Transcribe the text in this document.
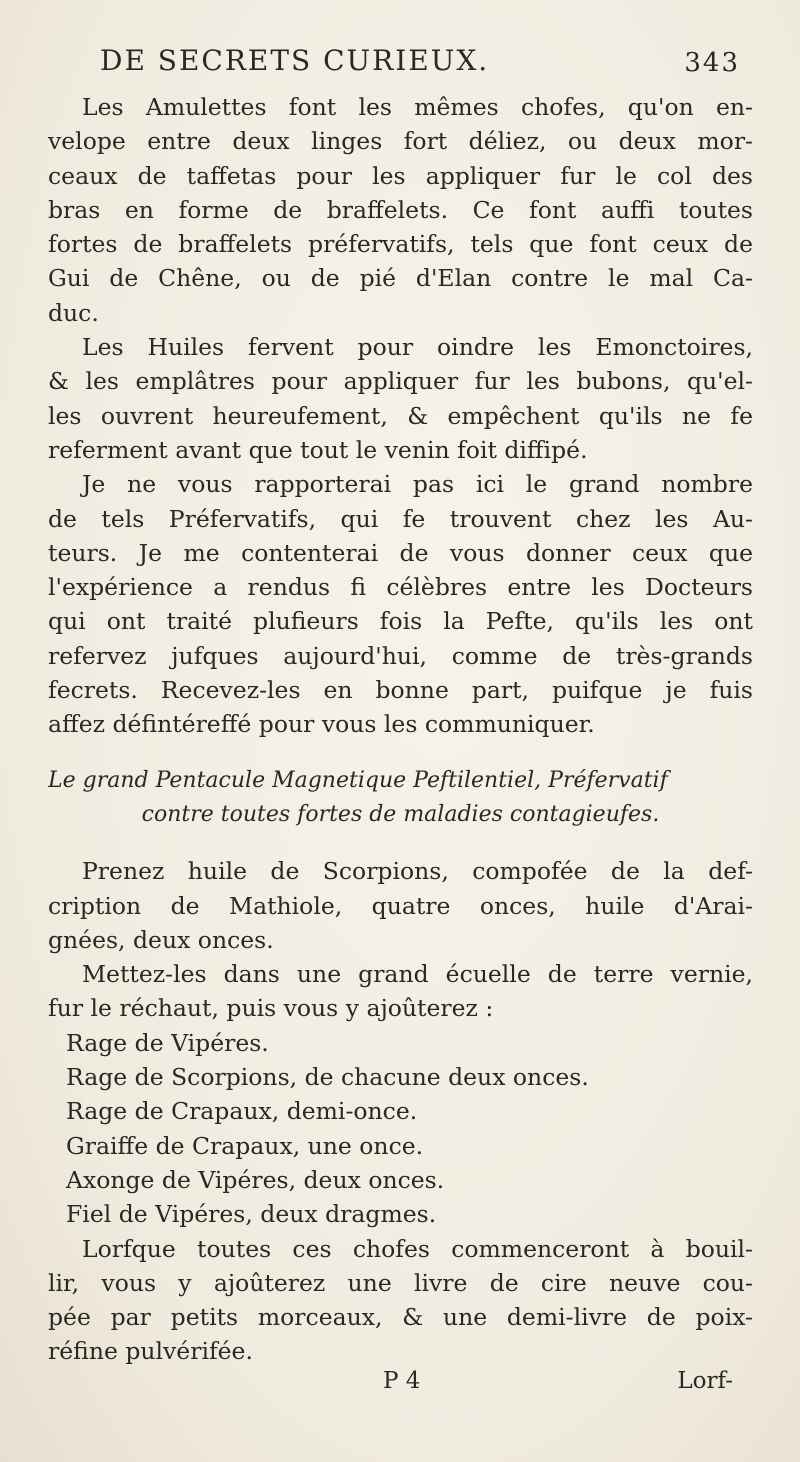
DE SECRETS CURIEUX.	343
Les Amulettes font les mêmes chofes, qu'on en-
velope entre deux linges fort déliez, ou deux mor-
ceaux de taffetas pour les appliquer fur le col des
bras en forme de braffelets. Ce font auffi toutes
fortes de braffelets préfervatifs, tels que font ceux de
Gui de Chêne, ou de pié d'Elan contre le mal Ca-
duc.
Les Huiles fervent pour oindre les Emonctoires,
& les emplâtres pour appliquer fur les bubons, qu'el-
les ouvrent heureufement, & empêchent qu'ils ne fe
referment avant que tout le venin foit diffipé.
Je ne vous rapporterai pas ici le grand nombre
de tels Préfervatifs, qui fe trouvent chez les Au-
teurs. Je me contenterai de vous donner ceux que
l'expérience a rendus fi célèbres entre les Docteurs
qui ont traité plufieurs fois la Pefte, qu'ils les ont
refervez jufques aujourd'hui, comme de très-grands
fecrets. Recevez-les en bonne part, puifque je fuis
affez défintéreffé pour vous les communiquer.
Le grand Pentacule Magnetique Peftilentiel, Préfervatif
contre toutes fortes de maladies contagieufes.
Prenez huile de Scorpions, compofée de la def-
cription de Mathiole, quatre onces, huile d'Arai-
gnées, deux onces.
Mettez-les dans une grand écuelle de terre vernie,
fur le réchaut, puis vous y ajoûterez :
Rage de Vipéres.
Rage de Scorpions, de chacune deux onces.
Rage de Crapaux, demi-once.
Graiffe de Crapaux, une once.
Axonge de Vipéres, deux onces.
Fiel de Vipéres, deux dragmes.
Lorfque toutes ces chofes commenceront à bouil-
lir, vous y ajoûterez une livre de cire neuve cou-
pée par petits morceaux, & une demi-livre de poix-
réfine pulvérifée.
P 4	Lorf-
